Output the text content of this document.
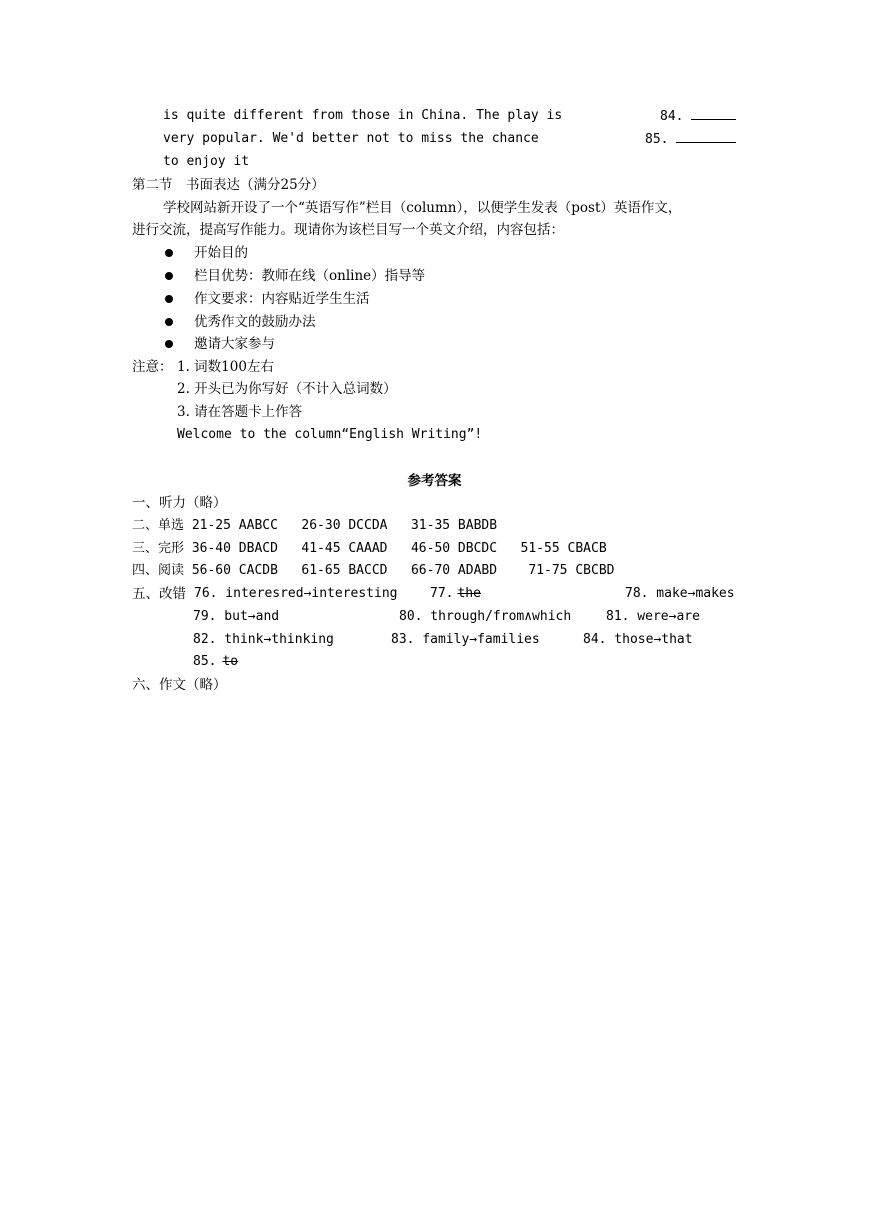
is quite different from those in China. The play is	84.
very popular. We'd better not to miss the chance	85.
to enjoy it
第二节　书面表达（满分25分）
学校网站新开设了一个“英语写作”栏目（column），以便学生发表（post）英语作文，
进行交流，提高写作能力。现请你为该栏目写一个英文介绍，内容包括：
开始目的
栏目优势：教师在线（online）指导等
作文要求：内容贴近学生生活
优秀作文的鼓励办法
邀请大家参与
注意： 1. 词数100左右
2. 开头已为你写好（不计入总词数）
3. 请在答题卡上作答
Welcome to the column“English Writing”!
参考答案
一、听力（略）
二、单选 21-25 AABCC   26-30 DCCDA   31-35 BABDB
三、完形 36-40 DBACD   41-45 CAAAD   46-50 DBCDC   51-55 CBACB
四、阅读 56-60 CACDB   61-65 BACCD   66-70 ADABD    71-75 CBCBD
五、改错 76. interesred→interesting	77. the	78. make→makes
79. but→and	80. through/from∧which	81. were→are
82. think→thinking	83. family→families	84. those→that
85. to
六、作文（略）
